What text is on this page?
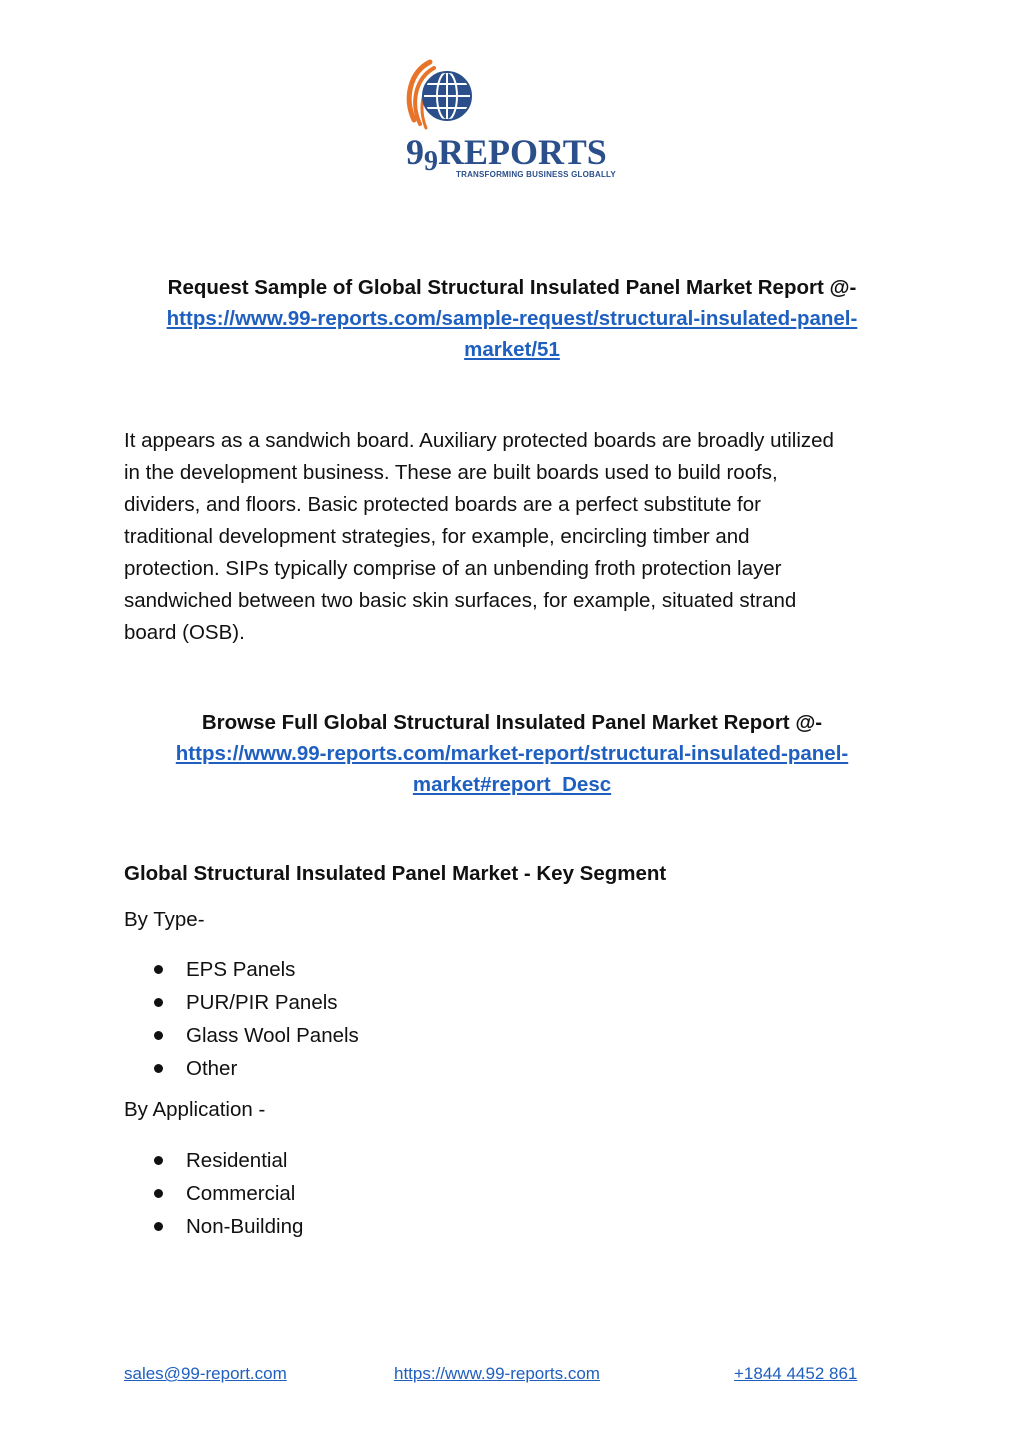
99REPORTS
TRANSFORMING BUSINESS GLOBALLY
Request Sample of Global Structural Insulated Panel Market Report @-
https://www.99-reports.com/sample-request/structural-insulated-panel-
market/51
It appears as a sandwich board. Auxiliary protected boards are broadly utilized
in the development business. These are built boards used to build roofs,
dividers, and floors. Basic protected boards are a perfect substitute for
traditional development strategies, for example, encircling timber and
protection. SIPs typically comprise of an unbending froth protection layer
sandwiched between two basic skin surfaces, for example, situated strand
board (OSB).
Browse Full Global Structural Insulated Panel Market Report @-
https://www.99-reports.com/market-report/structural-insulated-panel-
market#report_Desc
Global Structural Insulated Panel Market - Key Segment
By Type-
EPS Panels
PUR/PIR Panels
Glass Wool Panels
Other
By Application -
Residential
Commercial
Non-Building
sales@99-report.com	https://www.99-reports.com	+1844 4452 861
